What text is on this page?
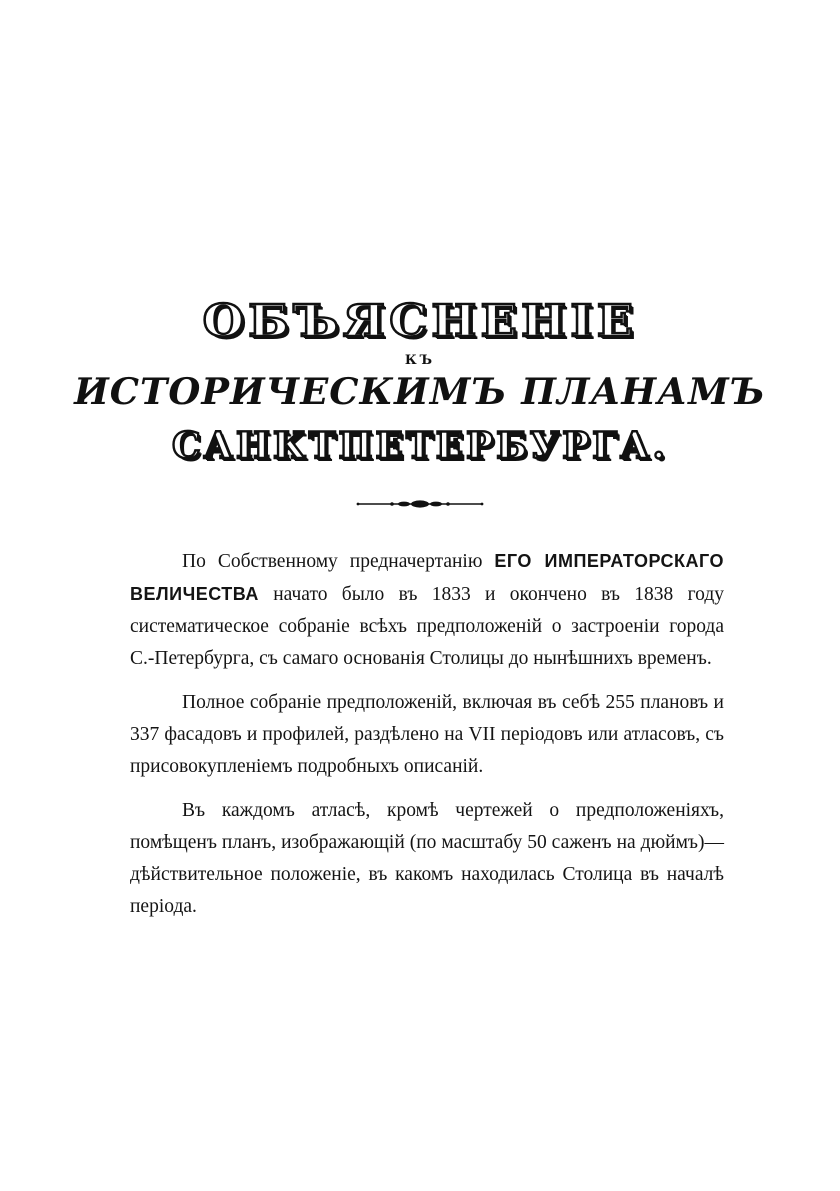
ОБЪЯСНЕНІЕ
КЪ
ИСТОРИЧЕСКИМЪ ПЛАНАМЪ
САНКТПЕТЕРБУРГА.

По Собственному предначертанію ЕГО ИМПЕРАТОРСКАГО ВЕЛИЧЕСТВА начато было въ 1833 и окончено въ 1838 году систематическое собраніе всѣхъ предположеній о застроеніи города С.-Петербурга, съ самаго основанія Столицы до нынѣшнихъ временъ.

Полное собраніе предположеній, включая въ себѣ 255 плановъ и 337 фасадовъ и профилей, раздѣлено на VII періодовъ или атласовъ, съ присовокупленіемъ подробныхъ описаній.

Въ каждомъ атласѣ, кромѣ чертежей о предположеніяхъ, помѣщенъ планъ, изображающій (по масштабу 50 саженъ на дюймъ)—дѣйствительное положеніе, въ какомъ находилась Столица въ началѣ періода.
